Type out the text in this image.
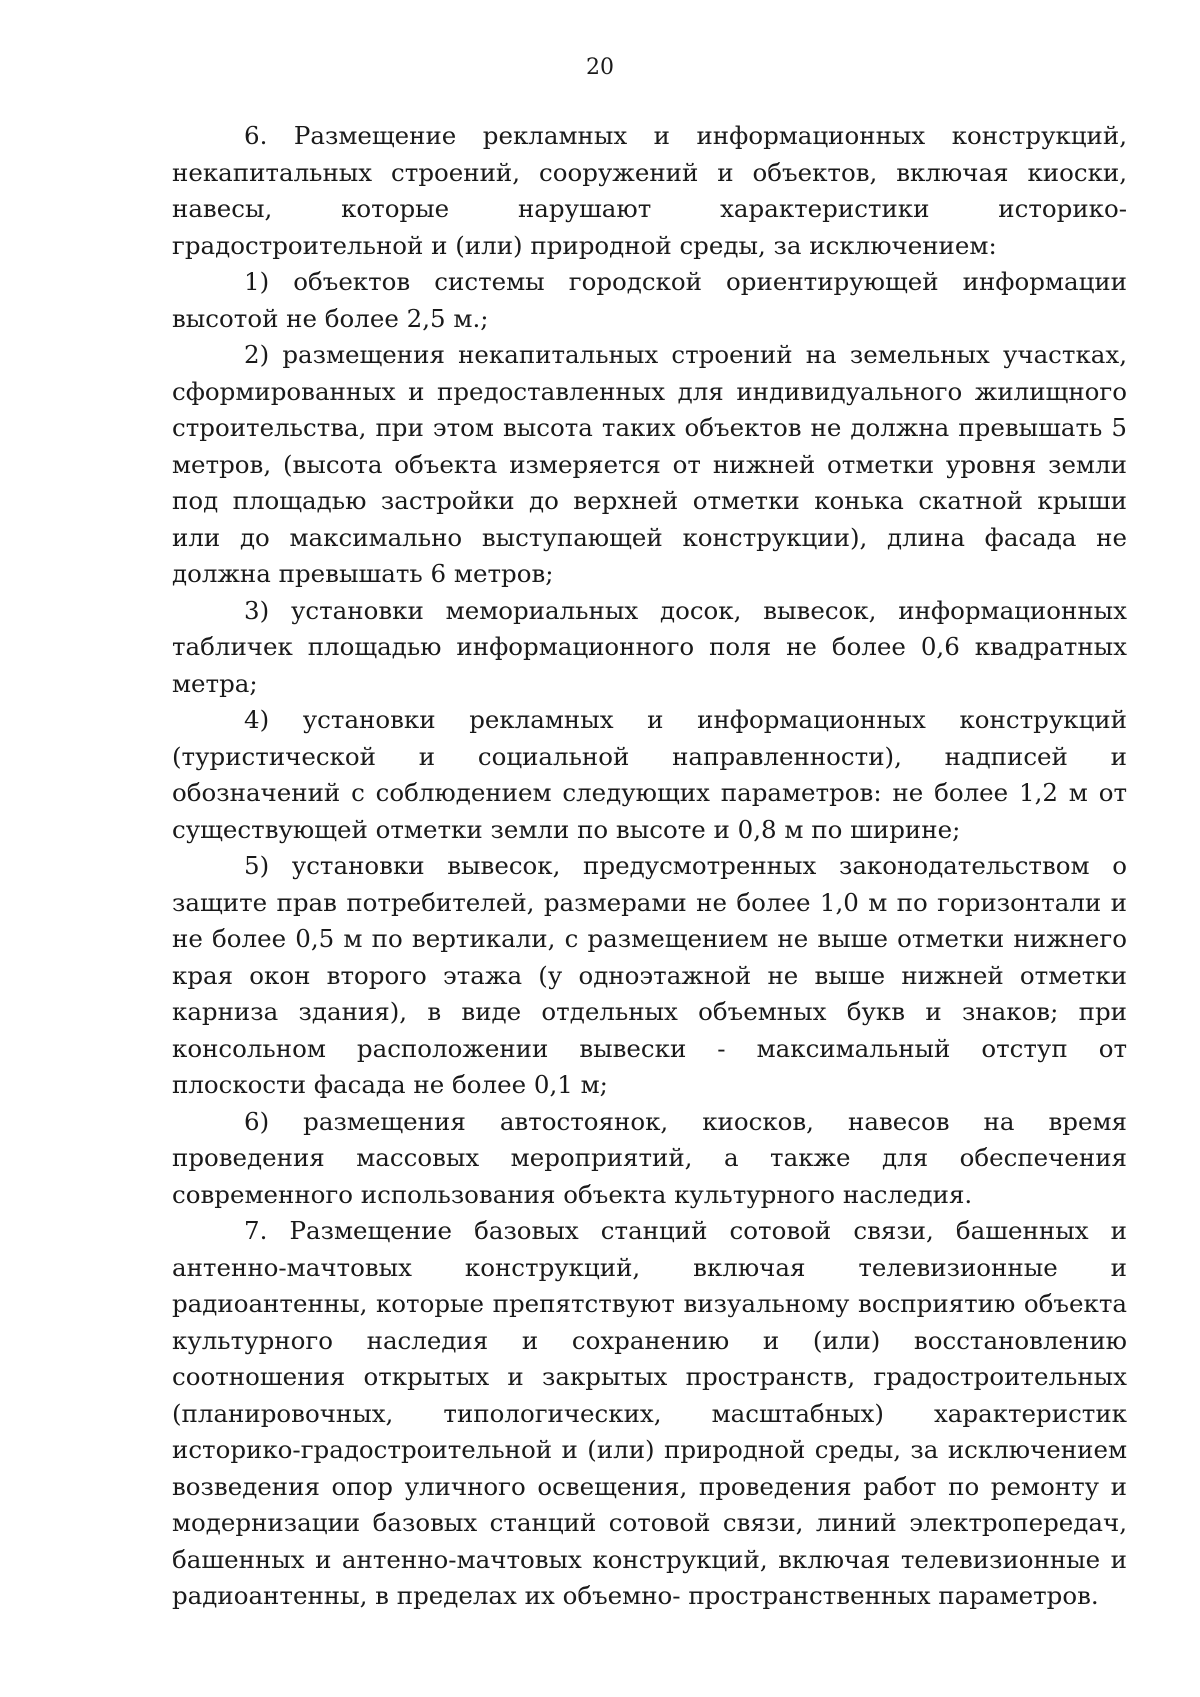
20

6. Размещение рекламных и информационных конструкций, некапитальных строений, сооружений и объектов, включая киоски, навесы, которые нарушают характеристики историко-градостроительной и (или) природной среды, за исключением:

1) объектов системы городской ориентирующей информации высотой не более 2,5 м.;

2) размещения некапитальных строений на земельных участках, сформированных и предоставленных для индивидуального жилищного строительства, при этом высота таких объектов не должна превышать 5 метров, (высота объекта измеряется от нижней отметки уровня земли под площадью застройки до верхней отметки конька скатной крыши или до максимально выступающей конструкции), длина фасада не должна превышать 6 метров;

3) установки мемориальных досок, вывесок, информационных табличек площадью информационного поля не более 0,6 квадратных метра;

4) установки рекламных и информационных конструкций (туристической и социальной направленности), надписей и обозначений с соблюдением следующих параметров: не более 1,2 м от существующей отметки земли по высоте и 0,8 м по ширине;

5) установки вывесок, предусмотренных законодательством о защите прав потребителей, размерами не более 1,0 м по горизонтали и не более 0,5 м по вертикали, с размещением не выше отметки нижнего края окон второго этажа (у одноэтажной не выше нижней отметки карниза здания), в виде отдельных объемных букв и знаков; при консольном расположении вывески - максимальный отступ от плоскости фасада не более 0,1 м;

6) размещения автостоянок, киосков, навесов на время проведения массовых мероприятий, а также для обеспечения современного использования объекта культурного наследия.

7. Размещение базовых станций сотовой связи, башенных и антенно-мачтовых конструкций, включая телевизионные и радиоантенны, которые препятствуют визуальному восприятию объекта культурного наследия и сохранению и (или) восстановлению соотношения открытых и закрытых пространств, градостроительных (планировочных, типологических, масштабных) характеристик историко-градостроительной и (или) природной среды, за исключением возведения опор уличного освещения, проведения работ по ремонту и модернизации базовых станций сотовой связи, линий электропередач, башенных и антенно-мачтовых конструкций, включая телевизионные и радиоантенны, в пределах их объемно- пространственных параметров.
